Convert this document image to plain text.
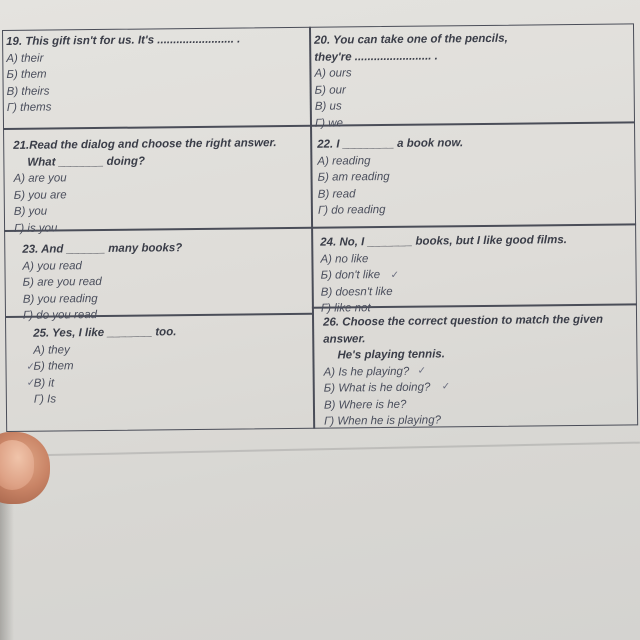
19. This gift isn't for us. It's ........................ .
A) their
Б) them
В) theirs
Г) thems
20. You can take one of the pencils,
they're ........................ .
A) ours
Б) our
В) us
Г) we
21.Read the dialog and choose the right answer.
What _______ doing?
A) are you
Б) you are
В) you
Г) is you
22. I ________ a book now.
A) reading
Б) am reading
В) read
Г) do reading
23. And ______ many books?
A) you read
Б) are you read
В) you reading
Г) do you read
24. No, I _______ books, but I like good films.
A) no like
Б) don't like
В) doesn't like
Г) like not
✓
25. Yes, I like _______ too.
A) they
Б) them
В) it
Г) Is
✓
✓
26. Choose the correct question to match the given
answer.
He's playing tennis.
A) Is he playing?
Б) What is he doing?
В) Where is he?
Г) When he is playing?
✓
✓
